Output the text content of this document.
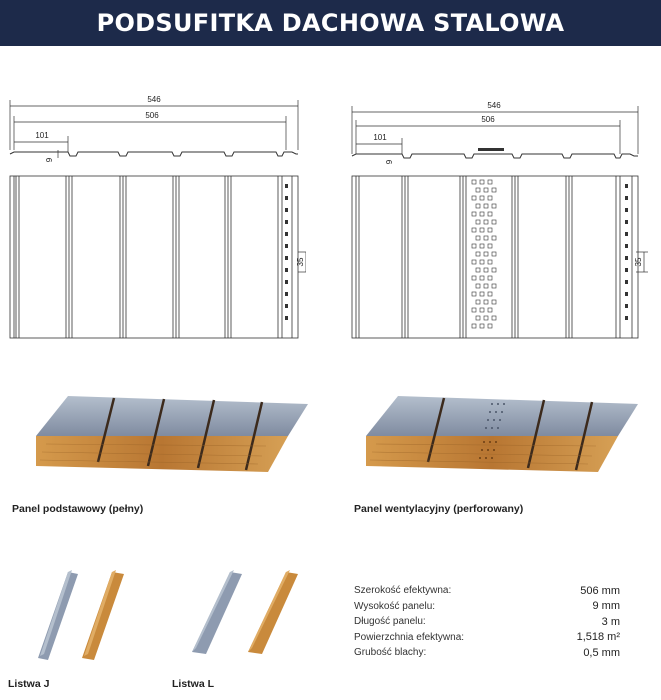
PODSUFITKA DACHOWA STALOWA
546
506
101
9
35
546
506
101
9
35
Panel podstawowy (pełny)	Panel wentylacyjny (perforowany)
Listwa J	Listwa L
Szerokość efektywna:	506 mm
Wysokość panelu:	9 mm
Długość panelu:	3 m
Powierzchnia efektywna:	1,518 m²
Grubość blachy:	0,5 mm
